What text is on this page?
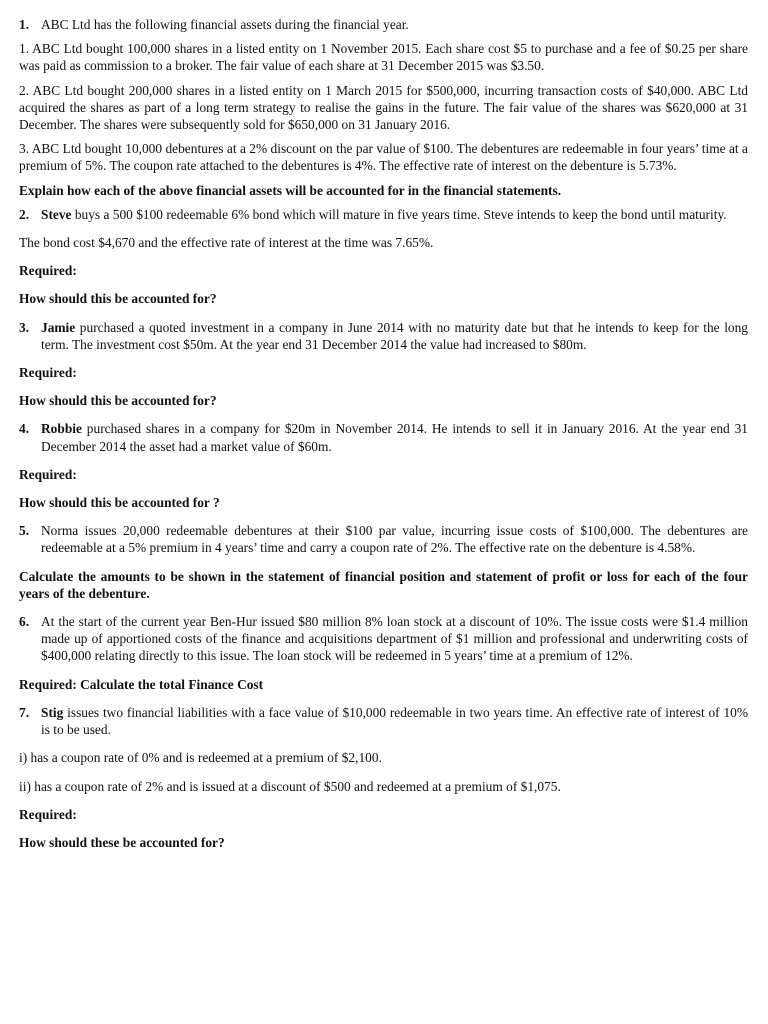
1. ABC Ltd has the following financial assets during the financial year.

1. ABC Ltd bought 100,000 shares in a listed entity on 1 November 2015. Each share cost $5 to purchase and a fee of $0.25 per share was paid as commission to a broker. The fair value of each share at 31 December 2015 was $3.50.

2. ABC Ltd bought 200,000 shares in a listed entity on 1 March 2015 for $500,000, incurring transaction costs of $40,000. ABC Ltd acquired the shares as part of a long term strategy to realise the gains in the future. The fair value of the shares was $620,000 at 31 December. The shares were subsequently sold for $650,000 on 31 January 2016.

3. ABC Ltd bought 10,000 debentures at a 2% discount on the par value of $100. The debentures are redeemable in four years’ time at a premium of 5%. The coupon rate attached to the debentures is 4%. The effective rate of interest on the debenture is 5.73%.

Explain how each of the above financial assets will be accounted for in the financial statements.

2. Steve buys a 500 $100 redeemable 6% bond which will mature in five years time. Steve intends to keep the bond until maturity.

The bond cost $4,670 and the effective rate of interest at the time was 7.65%.

Required:

How should this be accounted for?

3. Jamie purchased a quoted investment in a company in June 2014 with no maturity date but that he intends to keep for the long term. The investment cost $50m. At the year end 31 December 2014 the value had increased to $80m.

Required:

How should this be accounted for?

4. Robbie purchased shares in a company for $20m in November 2014. He intends to sell it in January 2016. At the year end 31 December 2014 the asset had a market value of $60m.

Required:

How should this be accounted for ?

5. Norma issues 20,000 redeemable debentures at their $100 par value, incurring issue costs of $100,000. The debentures are redeemable at a 5% premium in 4 years’ time and carry a coupon rate of 2%. The effective rate on the debenture is 4.58%.

Calculate the amounts to be shown in the statement of financial position and statement of profit or loss for each of the four years of the debenture.

6. At the start of the current year Ben-Hur issued $80 million 8% loan stock at a discount of 10%. The issue costs were $1.4 million made up of apportioned costs of the finance and acquisitions department of $1 million and professional and underwriting costs of $400,000 relating directly to this issue. The loan stock will be redeemed in 5 years’ time at a premium of 12%.

Required: Calculate the total Finance Cost

7. Stig issues two financial liabilities with a face value of $10,000 redeemable in two years time. An effective rate of interest of 10% is to be used.

i) has a coupon rate of 0% and is redeemed at a premium of $2,100.

ii) has a coupon rate of 2% and is issued at a discount of $500 and redeemed at a premium of $1,075.

Required:

How should these be accounted for?
